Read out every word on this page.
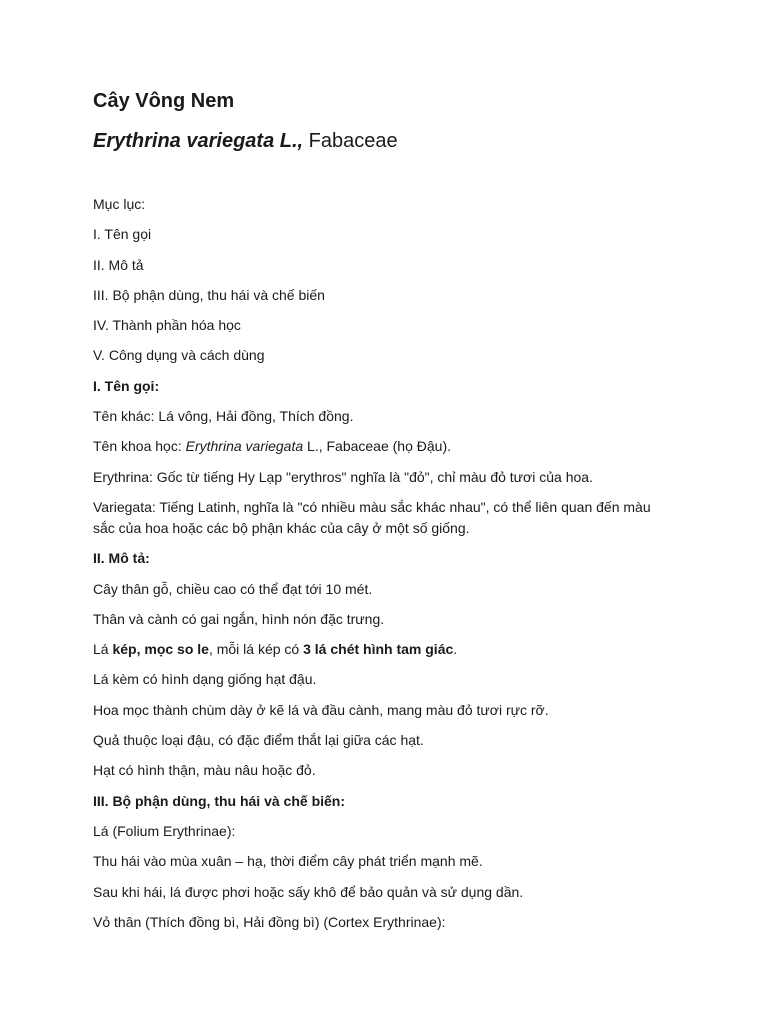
Cây Vông Nem
Erythrina variegata L., Fabaceae

Mục lục:

I. Tên gọi

II. Mô tả

III. Bộ phận dùng, thu hái và chế biến

IV. Thành phần hóa học

V. Công dụng và cách dùng

I. Tên gọi:

Tên khác: Lá vông, Hải đồng, Thích đồng.

Tên khoa học: Erythrina variegata L., Fabaceae (họ Đậu).

Erythrina: Gốc từ tiếng Hy Lạp "erythros" nghĩa là "đỏ", chỉ màu đỏ tươi của hoa.

Variegata: Tiếng Latinh, nghĩa là "có nhiều màu sắc khác nhau", có thể liên quan đến màu sắc của hoa hoặc các bộ phận khác của cây ở một số giống.

II. Mô tả:

Cây thân gỗ, chiều cao có thể đạt tới 10 mét.

Thân và cành có gai ngắn, hình nón đặc trưng.

Lá kép, mọc so le, mỗi lá kép có 3 lá chét hình tam giác.

Lá kèm có hình dạng giống hạt đậu.

Hoa mọc thành chùm dày ở kẽ lá và đầu cành, mang màu đỏ tươi rực rỡ.

Quả thuộc loại đậu, có đặc điểm thắt lại giữa các hạt.

Hạt có hình thận, màu nâu hoặc đỏ.

III. Bộ phận dùng, thu hái và chế biến:

Lá (Folium Erythrinae):

Thu hái vào mùa xuân – hạ, thời điểm cây phát triển mạnh mẽ.

Sau khi hái, lá được phơi hoặc sấy khô để bảo quản và sử dụng dần.

Vỏ thân (Thích đồng bì, Hải đồng bì) (Cortex Erythrinae):
